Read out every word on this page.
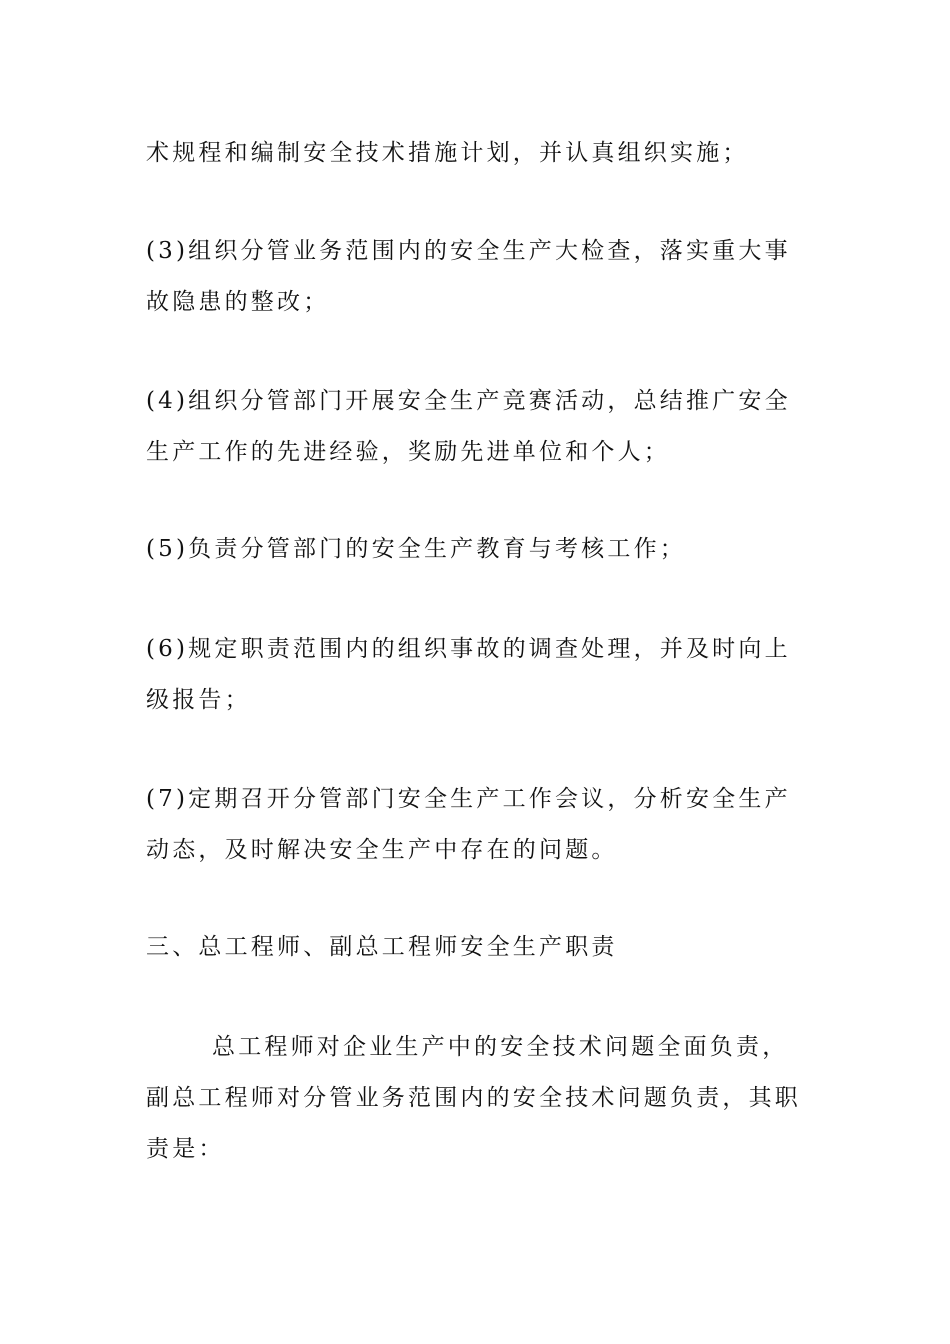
术规程和编制安全技术措施计划，并认真组织实施；

(3)组织分管业务范围内的安全生产大检查，落实重大事故隐患的整改；

(4)组织分管部门开展安全生产竞赛活动，总结推广安全生产工作的先进经验，奖励先进单位和个人；

(5)负责分管部门的安全生产教育与考核工作；

(6)规定职责范围内的组织事故的调查处理，并及时向上级报告；

(7)定期召开分管部门安全生产工作会议，分析安全生产动态，及时解决安全生产中存在的问题。

三、总工程师、副总工程师安全生产职责

总工程师对企业生产中的安全技术问题全面负责，副总工程师对分管业务范围内的安全技术问题负责，其职责是：
